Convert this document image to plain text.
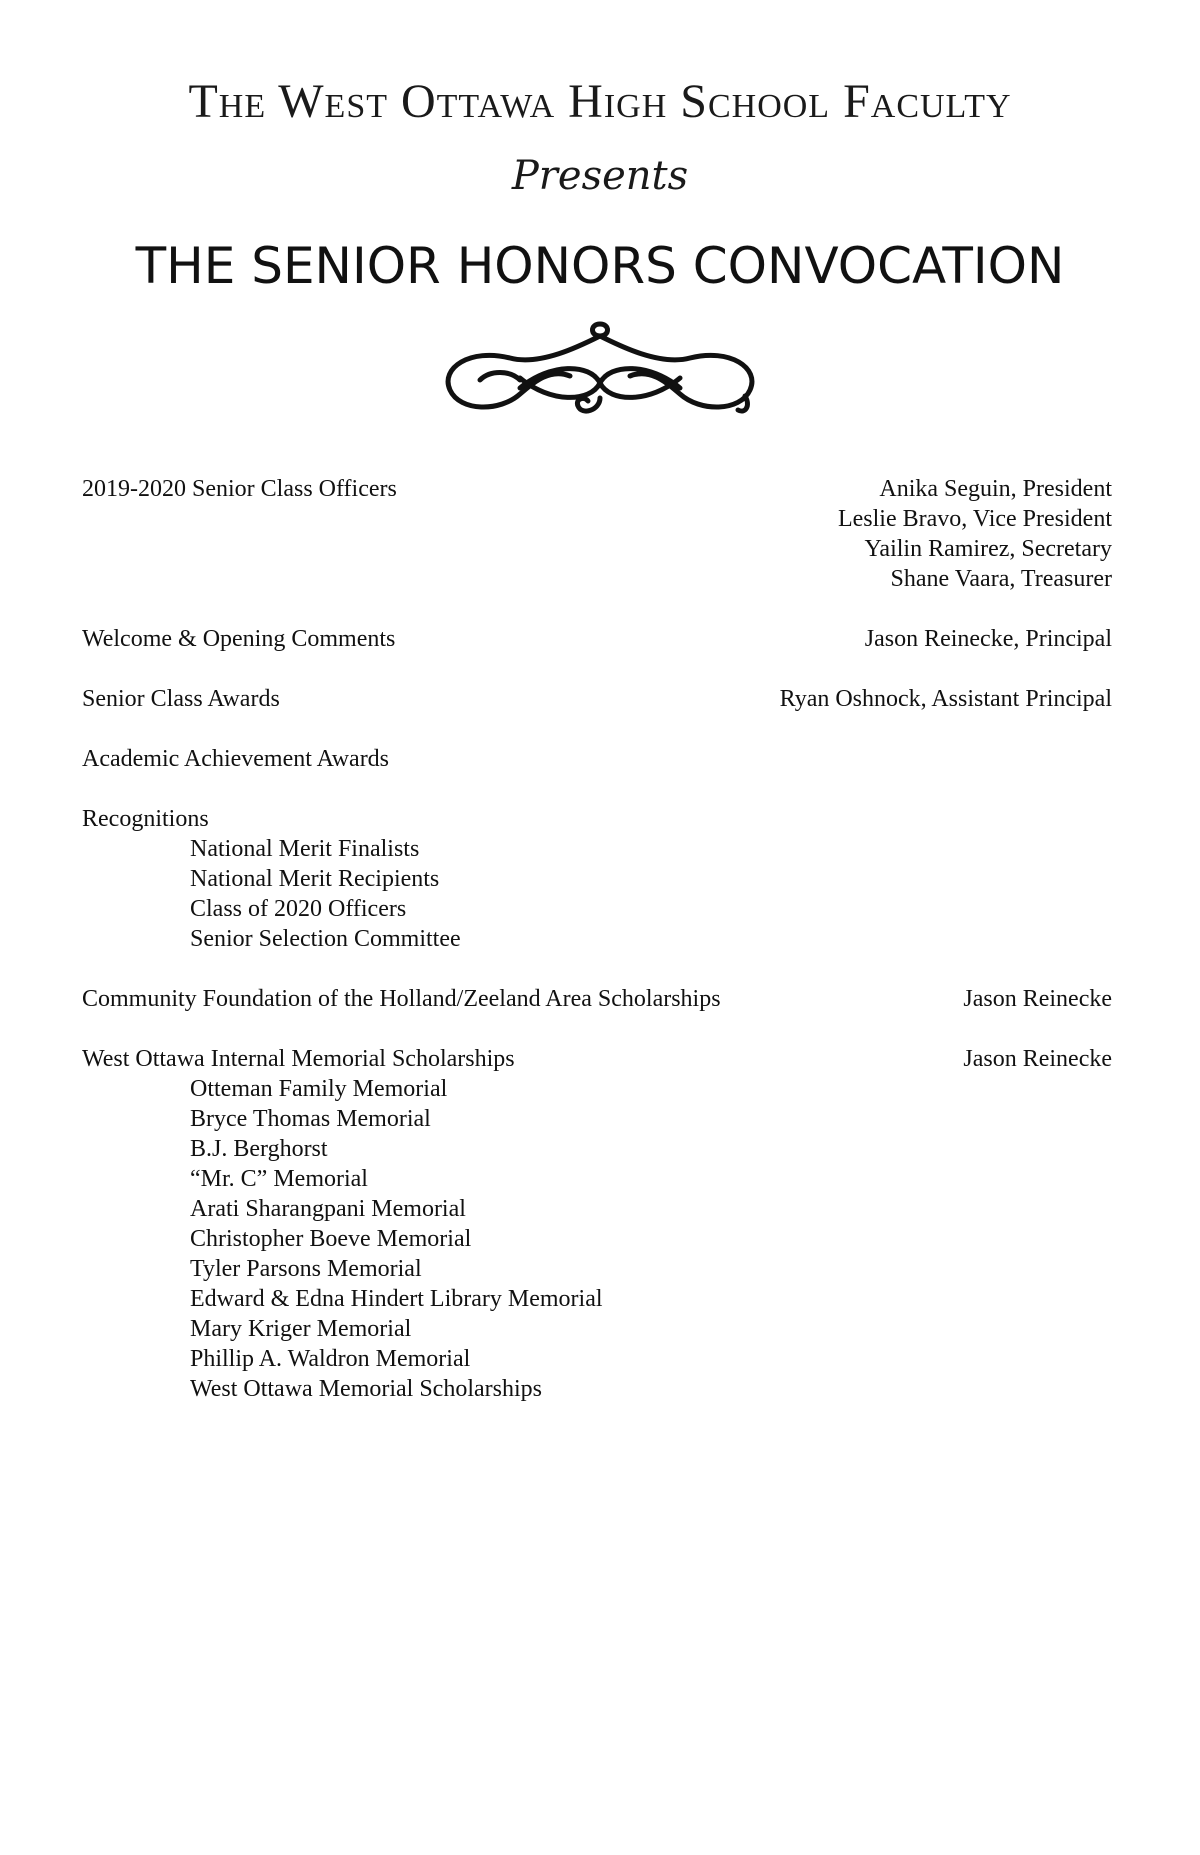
The West Ottawa High School Faculty
Presents
THE SENIOR HONORS CONVOCATION
2019-2020 Senior Class Officers	Anika Seguin, President
Leslie Bravo, Vice President
Yailin Ramirez, Secretary
Shane Vaara, Treasurer
Welcome & Opening Comments	Jason Reinecke, Principal
Senior Class Awards	Ryan Oshnock, Assistant Principal
Academic Achievement Awards
Recognitions
National Merit Finalists
National Merit Recipients
Class of 2020 Officers
Senior Selection Committee
Community Foundation of the Holland/Zeeland Area Scholarships	Jason Reinecke
West Ottawa Internal Memorial Scholarships	Jason Reinecke
Otteman Family Memorial
Bryce Thomas Memorial
B.J. Berghorst
“Mr. C” Memorial
Arati Sharangpani Memorial
Christopher Boeve Memorial
Tyler Parsons Memorial
Edward & Edna Hindert Library Memorial
Mary Kriger Memorial
Phillip A. Waldron Memorial
West Ottawa Memorial Scholarships
